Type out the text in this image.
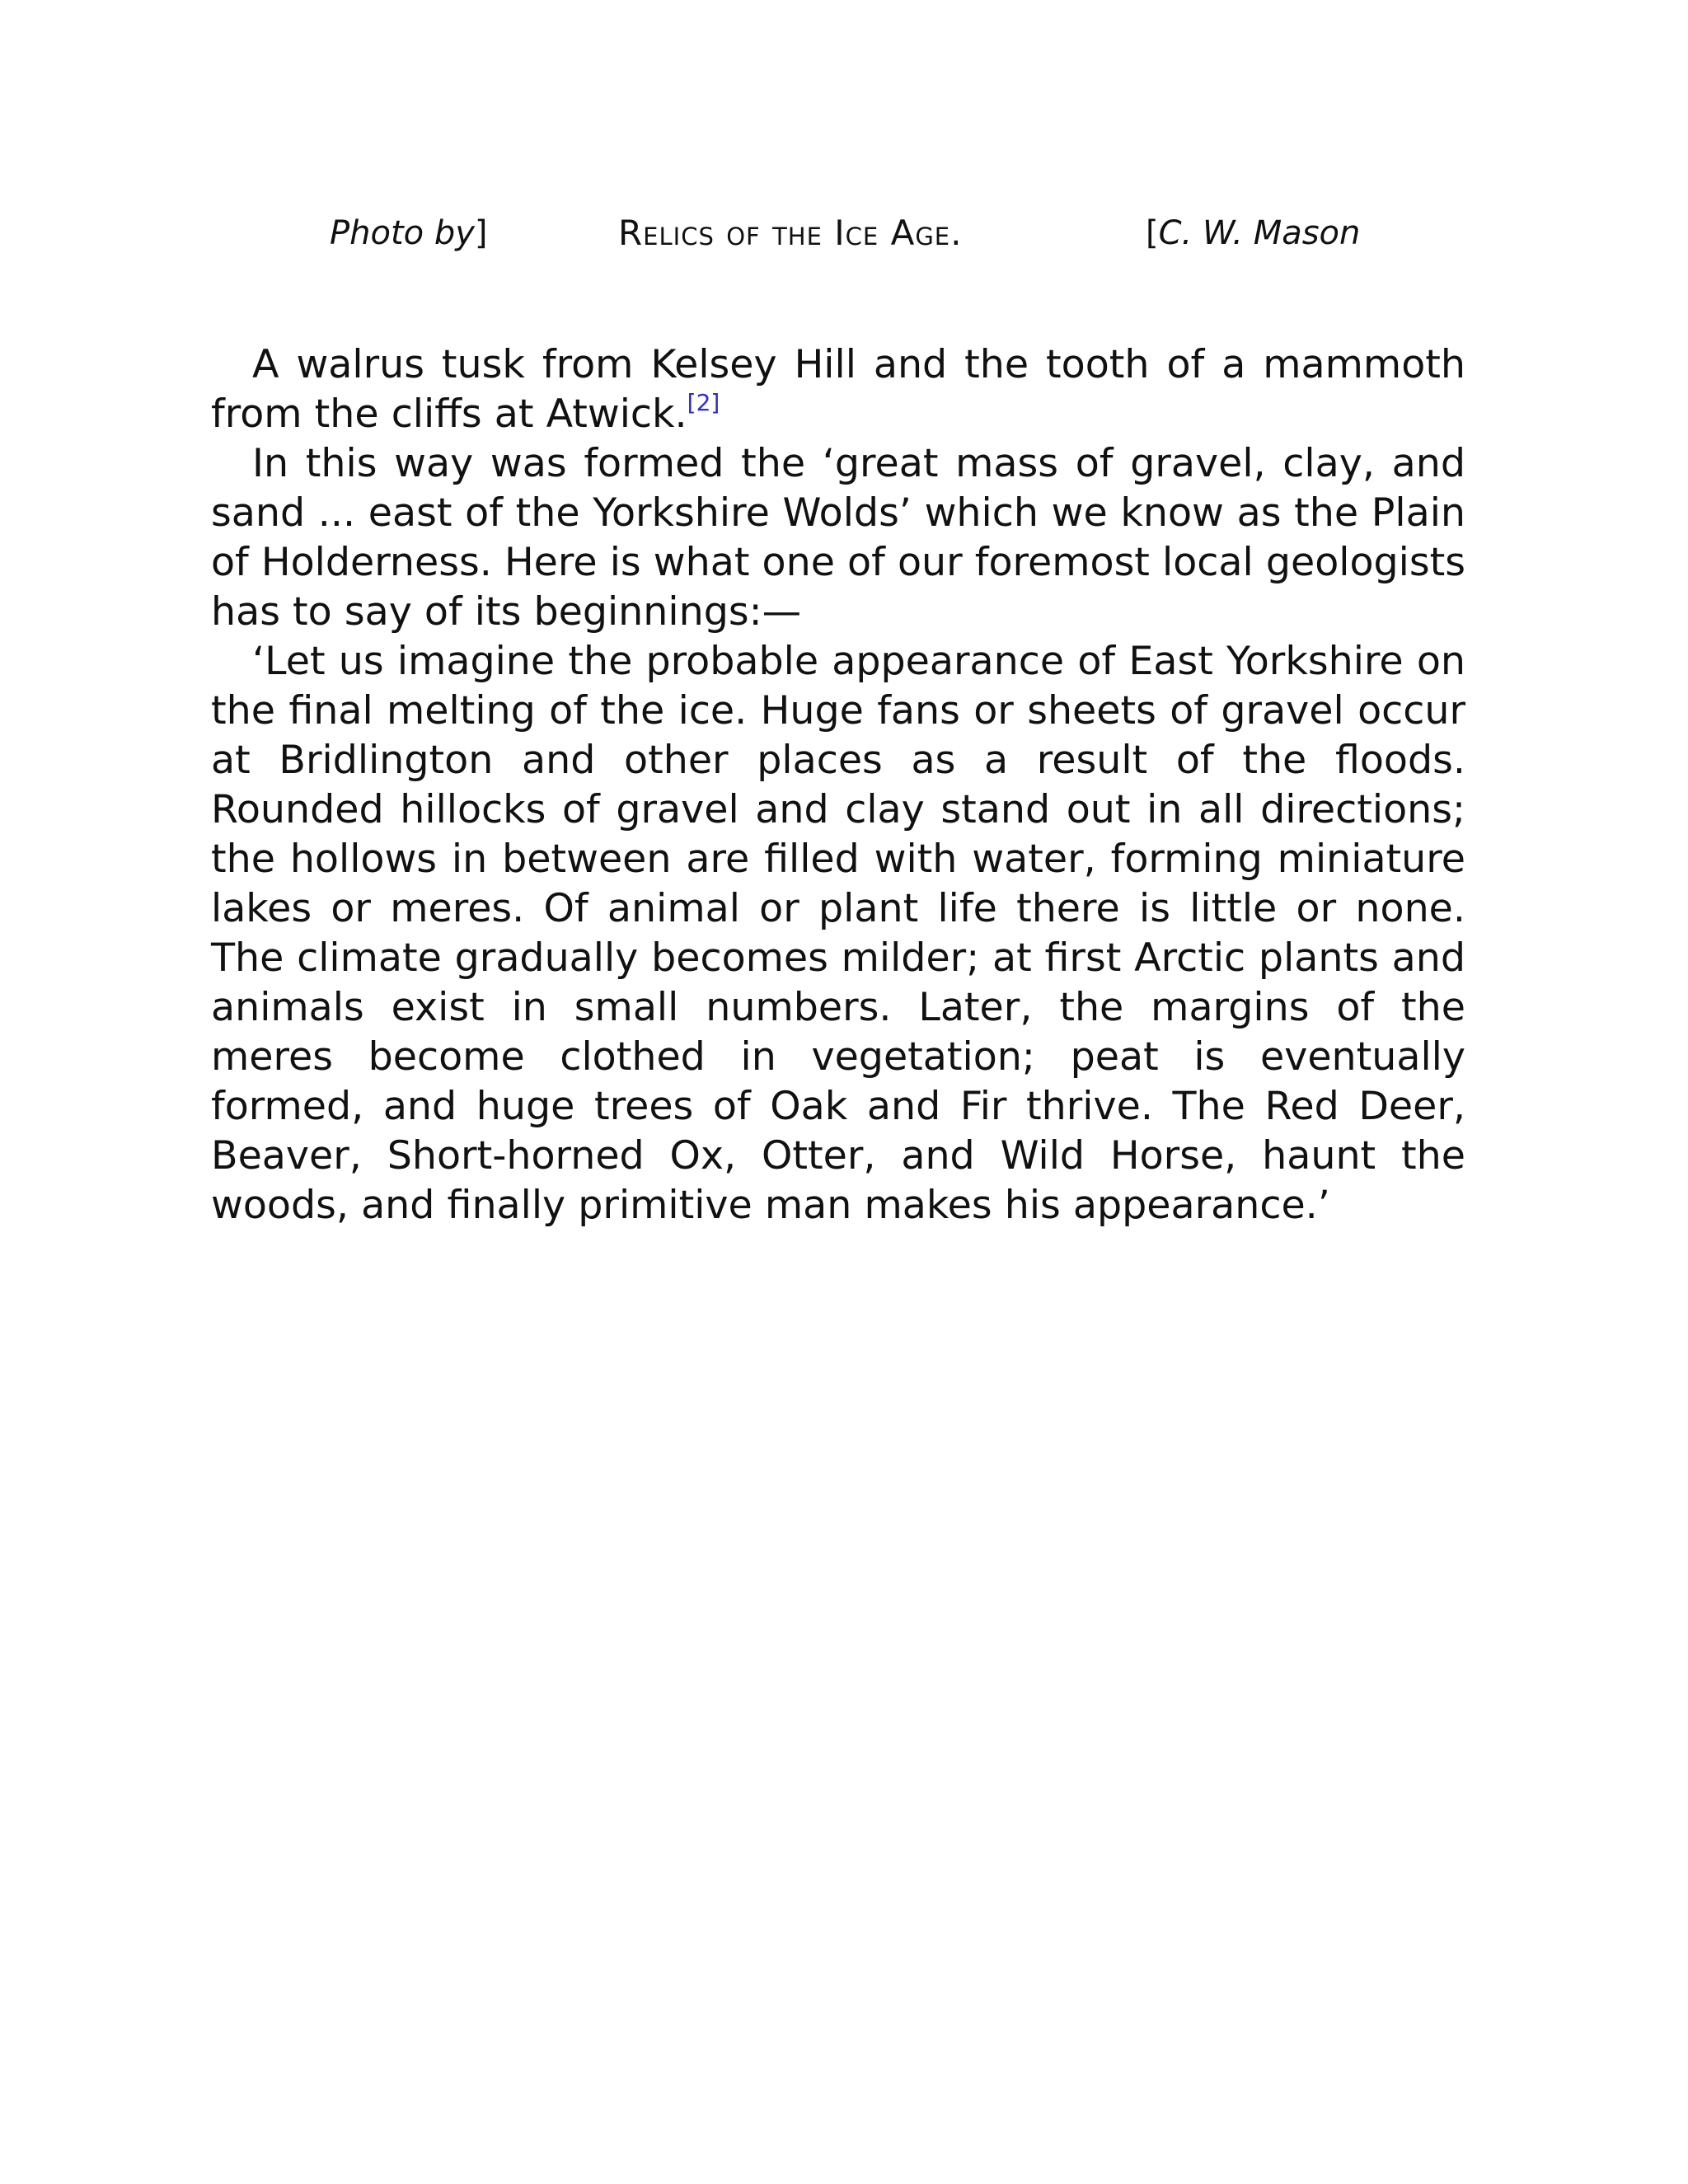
Photo by]	Relics of the Ice Age.	[C. W. Mason

A walrus tusk from Kelsey Hill and the tooth of a mammoth from the cliffs at Atwick.[2]

In this way was formed the ‘great mass of gravel, clay, and sand ... east of the Yorkshire Wolds’ which we know as the Plain of Holderness. Here is what one of our foremost local geologists has to say of its beginnings:—

‘Let us imagine the probable appearance of East Yorkshire on the final melting of the ice. Huge fans or sheets of gravel occur at Bridlington and other places as a result of the floods. Rounded hillocks of gravel and clay stand out in all directions; the hollows in between are filled with water, forming miniature lakes or meres. Of animal or plant life there is little or none. The climate gradually becomes milder; at first Arctic plants and animals exist in small numbers. Later, the margins of the meres become clothed in vegetation; peat is eventually formed, and huge trees of Oak and Fir thrive. The Red Deer, Beaver, Short-horned Ox, Otter, and Wild Horse, haunt the woods, and finally primitive man makes his appearance.’
